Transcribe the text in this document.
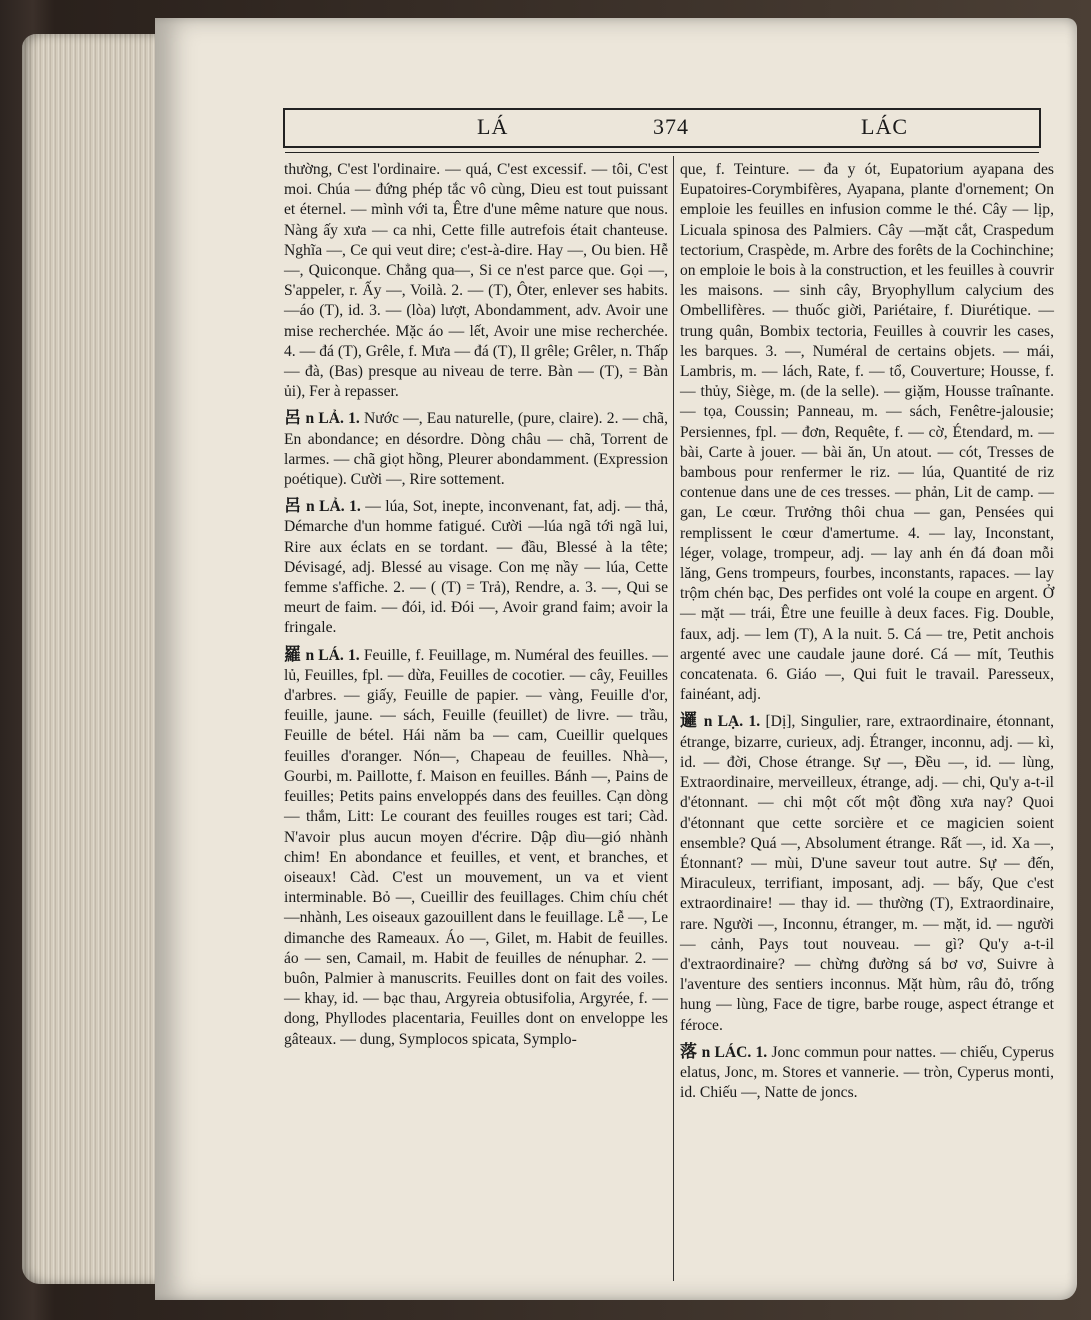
LÁ	374	LÁC

thường, C'est l'ordinaire. — quá, C'est excessif. — tôi, C'est moi. Chúa — đứng phép tắc vô cùng, Dieu est tout puissant et éternel. — mình với ta, Être d'une même nature que nous. Nàng ấy xưa — ca nhi, Cette fille autrefois était chanteuse. Nghĩa —, Ce qui veut dire; c'est-à-dire. Hay —, Ou bien. Hễ —, Quiconque. Chẳng qua—, Si ce n'est parce que. Gọi —, S'appeler, r. Ấy —, Voilà. 2. — (T), Ôter, enlever ses habits. —áo (T), id. 3. — (lòa) lượt, Abondamment, adv. Avoir une mise recherchée. Mặc áo — lết, Avoir une mise recherchée. 4. — đá (T), Grêle, f. Mưa — đá (T), Il grêle; Grêler, n. Thấp — đà, (Bas) presque au niveau de terre. Bàn — (T), = Bàn ủi), Fer à repasser.

呂 n LẢ. 1. Nước —, Eau naturelle, (pure, claire). 2. — chã, En abondance; en désordre. Dòng châu — chã, Torrent de larmes. — chã giọt hồng, Pleurer abondamment. (Expression poétique). Cười —, Rire sottement.

呂 n LẢ. 1. — lúa, Sot, inepte, inconvenant, fat, adj. — thả, Démarche d'un homme fatigué. Cười —lúa ngã tới ngã lui, Rire aux éclats en se tordant. — đầu, Blessé à la tête; Dévisagé, adj. Blessé au visage. Con mẹ nầy — lúa, Cette femme s'affiche. 2. — ( (T) = Trả), Rendre, a. 3. —, Qui se meurt de faim. — đói, id. Đói —, Avoir grand faim; avoir la fringale.

羅 n LÁ. 1. Feuille, f. Feuillage, m. Numéral des feuilles. — lủ, Feuilles, fpl. — dừa, Feuilles de cocotier. — cây, Feuilles d'arbres. — giấy, Feuille de papier. — vàng, Feuille d'or, feuille, jaune. — sách, Feuille (feuillet) de livre. — trầu, Feuille de bétel. Hái năm ba — cam, Cueillir quelques feuilles d'oranger. Nón—, Chapeau de feuilles. Nhà—, Gourbi, m. Paillotte, f. Maison en feuilles. Bánh —, Pains de feuilles; Petits pains enveloppés dans des feuilles. Cạn dòng — thắm, Litt: Le courant des feuilles rouges est tari; Càd. N'avoir plus aucun moyen d'écrire. Dập dìu—gió nhành chim! En abondance et feuilles, et vent, et branches, et oiseaux! Càd. C'est un mouvement, un va et vient interminable. Bỏ —, Cueillir des feuillages. Chim chíu chét—nhành, Les oiseaux gazouillent dans le feuillage. Lễ —, Le dimanche des Rameaux. Áo —, Gilet, m. Habit de feuilles. áo — sen, Camail, m. Habit de feuilles de nénuphar. 2. — buôn, Palmier à manuscrits. Feuilles dont on fait des voiles. — khay, id. — bạc thau, Argyreia obtusifolia, Argyrée, f. — dong, Phyllodes placentaria, Feuilles dont on enveloppe les gâteaux. — dung, Symplocos spicata, Symplo-

que, f. Teinture. — đa y ót, Eupatorium ayapana des Eupatoires-Corymbifères, Ayapana, plante d'ornement; On emploie les feuilles en infusion comme le thé. Cây — lịp, Licuala spinosa des Palmiers. Cây —mặt cắt, Craspedum tectorium, Craspède, m. Arbre des forêts de la Cochinchine; on emploie le bois à la construction, et les feuilles à couvrir les maisons. — sinh cây, Bryophyllum calycium des Ombellifères. — thuốc giời, Pariétaire, f. Diurétique. — trung quân, Bombix tectoria, Feuilles à couvrir les cases, les barques. 3. —, Numéral de certains objets. — mái, Lambris, m. — lách, Rate, f. — tổ, Couverture; Housse, f. — thủy, Siège, m. (de la selle). — giặm, Housse traînante. — tọa, Coussin; Panneau, m. — sách, Fenêtre-jalousie; Persiennes, fpl. — đơn, Requête, f. — cờ, Étendard, m. — bài, Carte à jouer. — bài ăn, Un atout. — cót, Tresses de bambous pour renfermer le riz. — lúa, Quantité de riz contenue dans une de ces tresses. — phản, Lit de camp. — gan, Le cœur. Trưởng thôi chua — gan, Pensées qui remplissent le cœur d'amertume. 4. — lay, Inconstant, léger, volage, trompeur, adj. — lay anh én đá đoan mỗi lăng, Gens trompeurs, fourbes, inconstants, rapaces. — lay trộm chén bạc, Des perfides ont volé la coupe en argent. Ở — mặt — trái, Être une feuille à deux faces. Fig. Double, faux, adj. — lem (T), A la nuit. 5. Cá — tre, Petit anchois argenté avec une caudale jaune doré. Cá — mít, Teuthis concatenata. 6. Giáo —, Qui fuit le travail. Paresseux, fainéant, adj.

邏 n LẠ. 1. [Dị], Singulier, rare, extraordinaire, étonnant, étrange, bizarre, curieux, adj. Étranger, inconnu, adj. — kì, id. — đời, Chose étrange. Sự —, Đều —, id. — lùng, Extraordinaire, merveilleux, étrange, adj. — chi, Qu'y a-t-il d'étonnant. — chi một cốt một đồng xưa nay? Quoi d'étonnant que cette sorcière et ce magicien soient ensemble? Quá —, Absolument étrange. Rất —, id. Xa —, Étonnant? — mùi, D'une saveur tout autre. Sự — đến, Miraculeux, terrifiant, imposant, adj. — bấy, Que c'est extraordinaire! — thay id. — thường (T), Extraordinaire, rare. Người —, Inconnu, étranger, m. — mặt, id. — người — cảnh, Pays tout nouveau. — gì? Qu'y a-t-il d'extraordinaire? — chừng đường sá bơ vơ, Suivre à l'aventure des sentiers inconnus. Mặt hùm, râu đỏ, trống hung — lùng, Face de tigre, barbe rouge, aspect étrange et féroce.

落 n LÁC. 1. Jonc commun pour nattes. — chiếu, Cyperus elatus, Jonc, m. Stores et vannerie. — tròn, Cyperus monti, id. Chiếu —, Natte de joncs.
